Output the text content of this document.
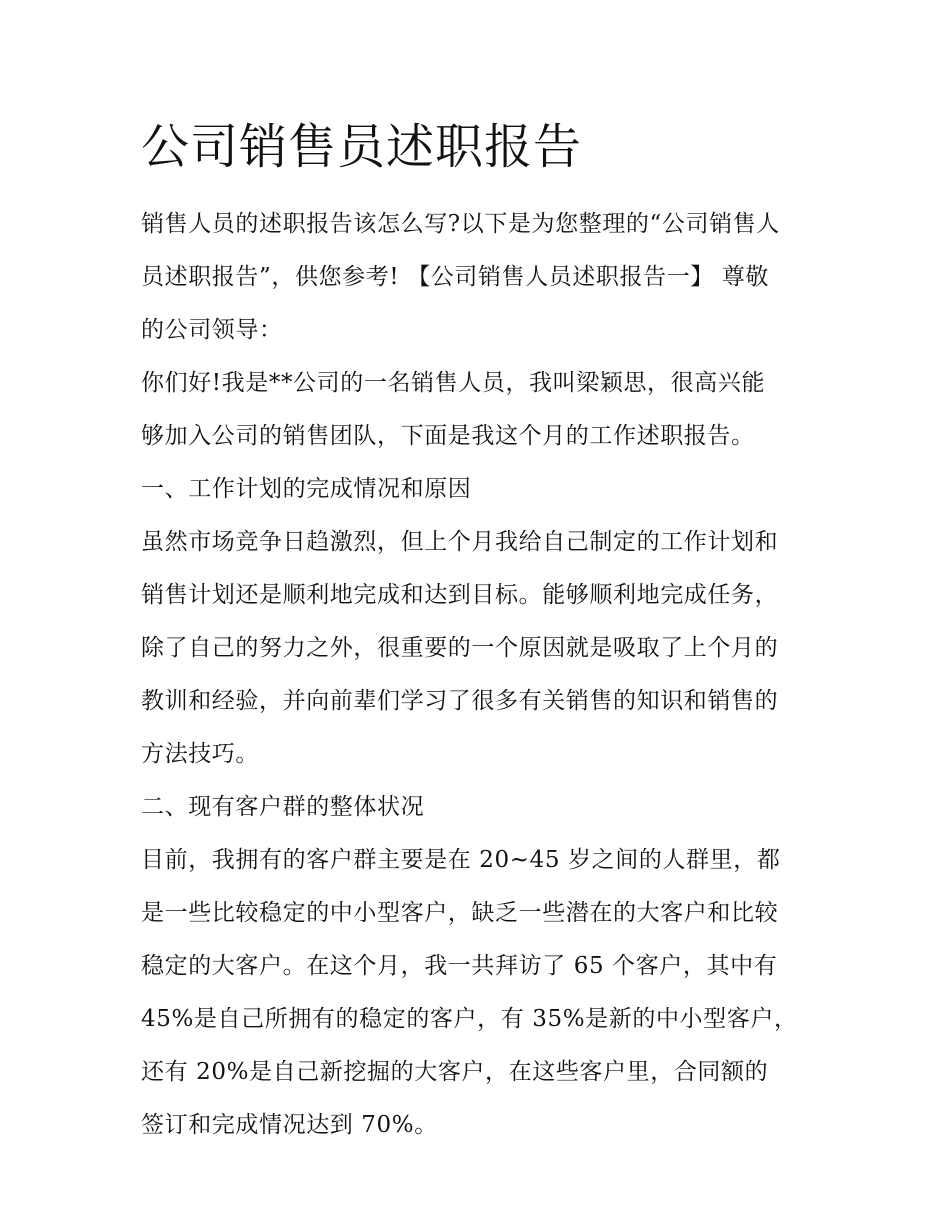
公司销售员述职报告
销售人员的述职报告该怎么写?以下是为您整理的“公司销售人
员述职报告”，供您参考! 【公司销售人员述职报告一】 尊敬
的公司领导：
你们好!我是**公司的一名销售人员，我叫梁颖思，很高兴能
够加入公司的销售团队，下面是我这个月的工作述职报告。
一、工作计划的完成情况和原因
虽然市场竞争日趋激烈，但上个月我给自己制定的工作计划和
销售计划还是顺利地完成和达到目标。能够顺利地完成任务，
除了自己的努力之外，很重要的一个原因就是吸取了上个月的
教训和经验，并向前辈们学习了很多有关销售的知识和销售的
方法技巧。
二、现有客户群的整体状况
目前，我拥有的客户群主要是在 20~45 岁之间的人群里，都
是一些比较稳定的中小型客户，缺乏一些潜在的大客户和比较
稳定的大客户。在这个月，我一共拜访了 65 个客户，其中有
45%是自己所拥有的稳定的客户，有 35%是新的中小型客户，
还有 20%是自己新挖掘的大客户，在这些客户里，合同额的
签订和完成情况达到 70%。
